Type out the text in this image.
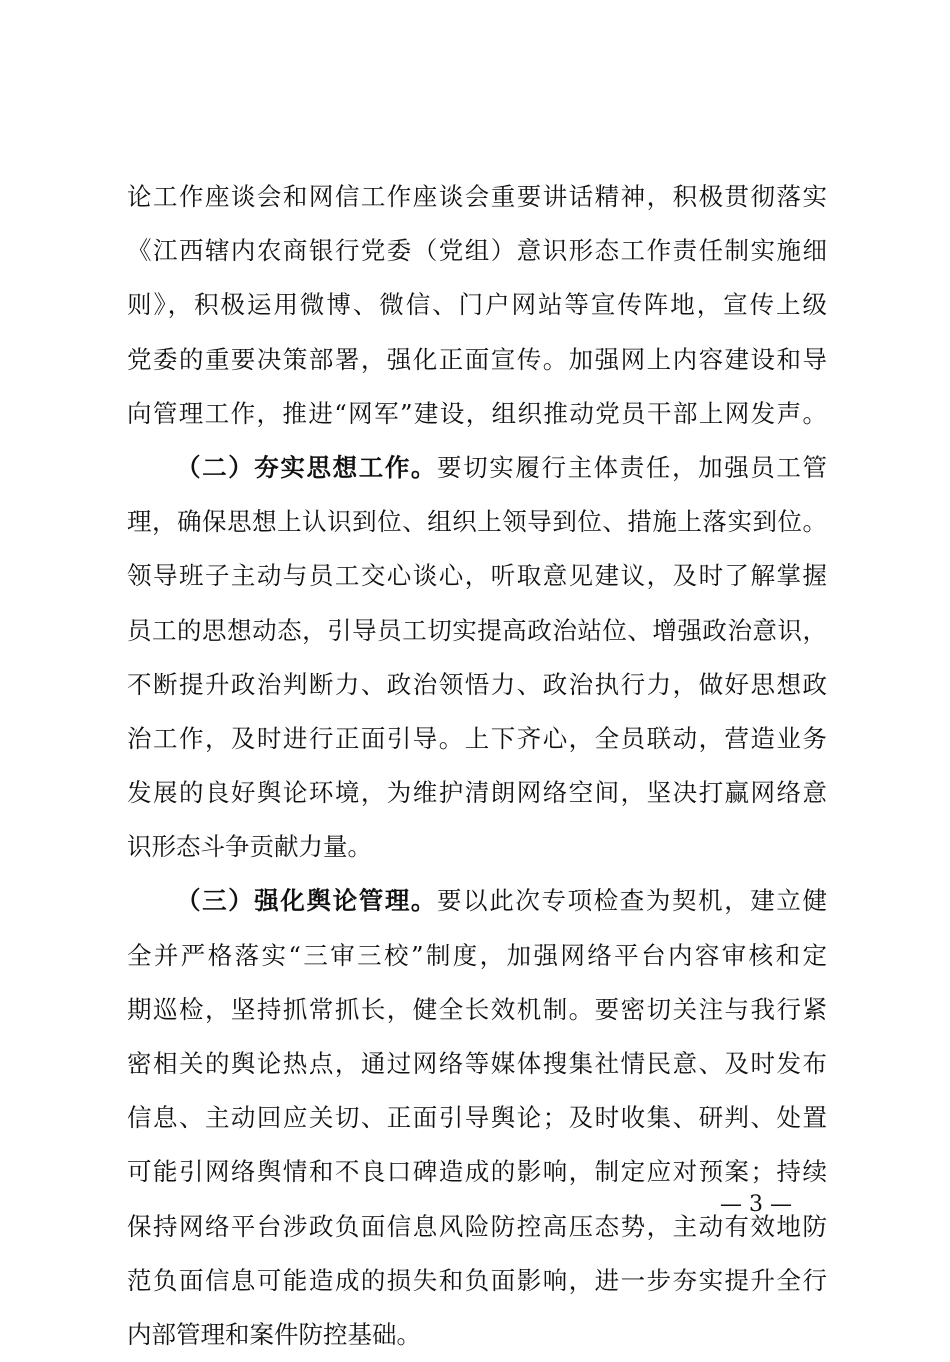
论工作座谈会和网信工作座谈会重要讲话精神，积极贯彻落实
《江西辖内农商银行党委（党组）意识形态工作责任制实施细
则》，积极运用微博、微信、门户网站等宣传阵地，宣传上级
党委的重要决策部署，强化正面宣传。加强网上内容建设和导
向管理工作，推进“网军”建设，组织推动党员干部上网发声。
（二）夯实思想工作。要切实履行主体责任，加强员工管
理，确保思想上认识到位、组织上领导到位、措施上落实到位。
领导班子主动与员工交心谈心，听取意见建议，及时了解掌握
员工的思想动态，引导员工切实提高政治站位、增强政治意识，
不断提升政治判断力、政治领悟力、政治执行力，做好思想政
治工作，及时进行正面引导。上下齐心，全员联动，营造业务
发展的良好舆论环境，为维护清朗网络空间，坚决打赢网络意
识形态斗争贡献力量。
（三）强化舆论管理。要以此次专项检查为契机，建立健
全并严格落实“三审三校”制度，加强网络平台内容审核和定
期巡检，坚持抓常抓长，健全长效机制。要密切关注与我行紧
密相关的舆论热点，通过网络等媒体搜集社情民意、及时发布
信息、主动回应关切、正面引导舆论；及时收集、研判、处置
可能引网络舆情和不良口碑造成的影响，制定应对预案；持续
保持网络平台涉政负面信息风险防控高压态势，主动有效地防
范负面信息可能造成的损失和负面影响，进一步夯实提升全行
内部管理和案件防控基础。
— 3 —
